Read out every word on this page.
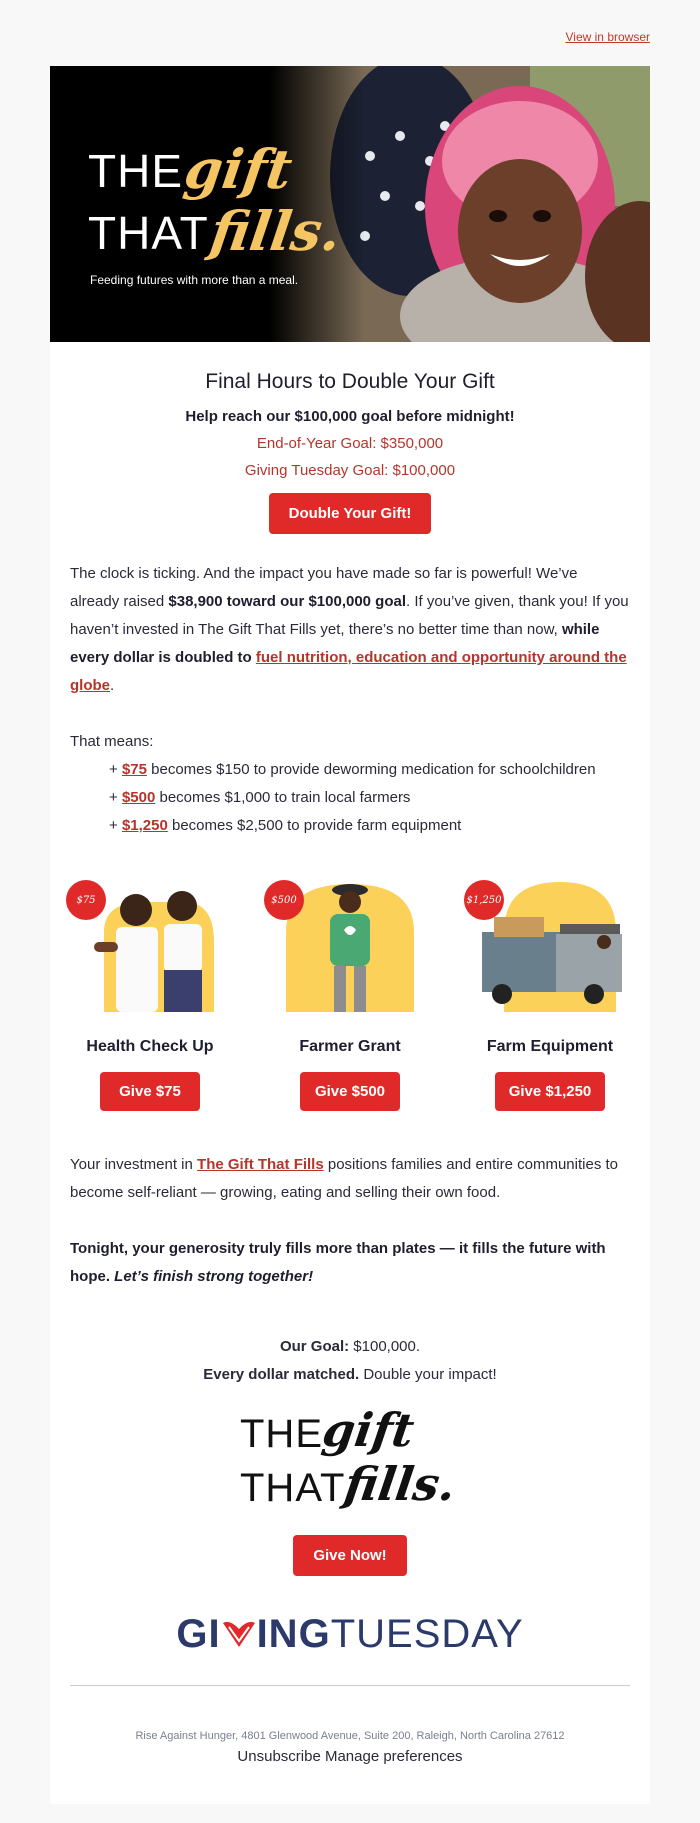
View in browser
THE
gift
THAT
fills.
Feeding futures with more than a meal.
Final Hours to Double Your Gift
Help reach our $100,000 goal before midnight!
End-of-Year Goal: $350,000
Giving Tuesday Goal: $100,000
Double Your Gift!
The clock is ticking. And the impact you have made so far is powerful! We’ve already raised $38,900 toward our $100,000 goal. If you’ve given, thank you! If you haven’t invested in The Gift That Fills yet, there’s no better time than now, while every dollar is doubled to fuel nutrition, education and opportunity around the globe.
That means:
+ $75 becomes $150 to provide deworming medication for schoolchildren
+ $500 becomes $1,000 to train local farmers
+ $1,250 becomes $2,500 to provide farm equipment
$75
Health Check Up
Give $75
$500
Farmer Grant
Give $500
$1,250
Farm Equipment
Give $1,250
Your investment in The Gift That Fills positions families and entire communities to become self-reliant — growing, eating and selling their own food.
Tonight, your generosity truly fills more than plates — it fills the future with hope. Let’s finish strong together!
Our Goal: $100,000.
Every dollar matched. Double your impact!
THE
gift
THAT
fills.
Give Now!
GI INGTUESDAY
Rise Against Hunger, 4801 Glenwood Avenue, Suite 200, Raleigh, North Carolina 27612
Unsubscribe Manage preferences
